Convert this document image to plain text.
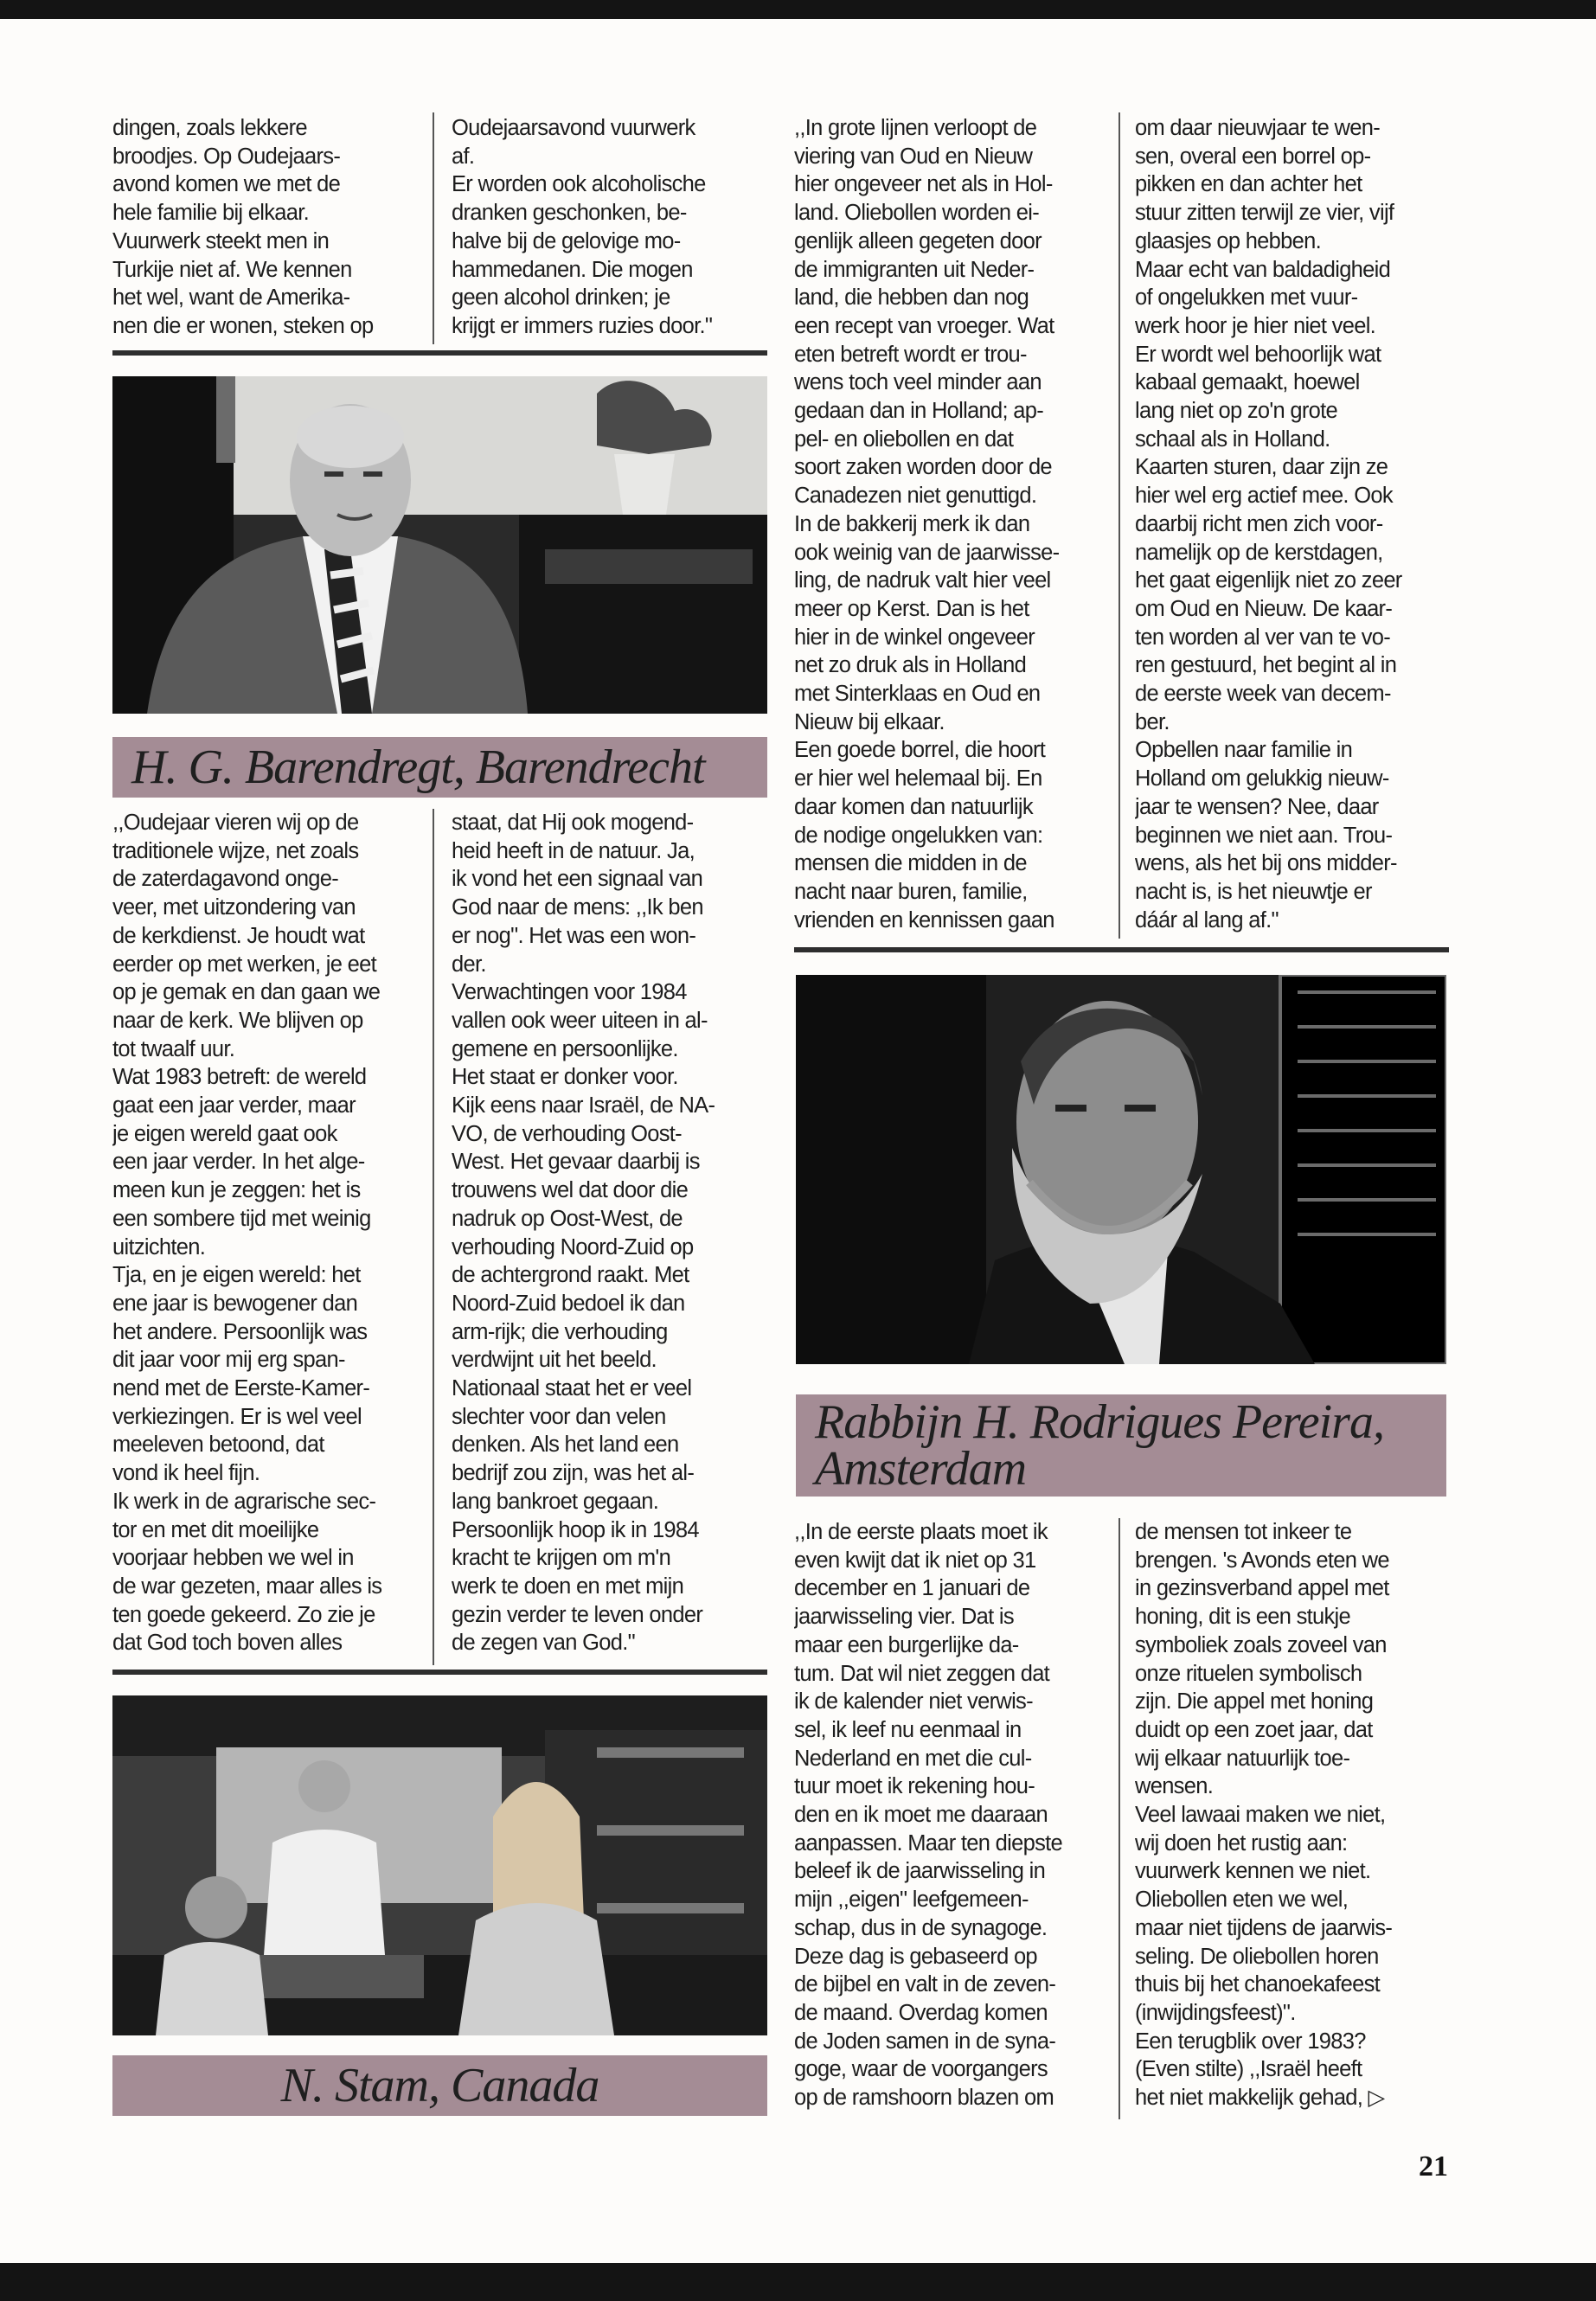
dingen, zoals lekkere
broodjes. Op Oudejaars-
avond komen we met de
hele familie bij elkaar.
Vuurwerk steekt men in
Turkije niet af. We kennen
het wel, want de Amerika-
nen die er wonen, steken op

Oudejaarsavond vuurwerk
af.
Er worden ook alcoholische
dranken geschonken, be-
halve bij de gelovige mo-
hammedanen. Die mogen
geen alcohol drinken; je
krijgt er immers ruzies door."

H. G. Barendregt, Barendrecht

,,Oudejaar vieren wij op de
traditionele wijze, net zoals
de zaterdagavond onge-
veer, met uitzondering van
de kerkdienst. Je houdt wat
eerder op met werken, je eet
op je gemak en dan gaan we
naar de kerk. We blijven op
tot twaalf uur.
Wat 1983 betreft: de wereld
gaat een jaar verder, maar
je eigen wereld gaat ook
een jaar verder. In het alge-
meen kun je zeggen: het is
een sombere tijd met weinig
uitzichten.
Tja, en je eigen wereld: het
ene jaar is bewogener dan
het andere. Persoonlijk was
dit jaar voor mij erg span-
nend met de Eerste-Kamer-
verkiezingen. Er is wel veel
meeleven betoond, dat
vond ik heel fijn.
Ik werk in de agrarische sec-
tor en met dit moeilijke
voorjaar hebben we wel in
de war gezeten, maar alles is
ten goede gekeerd. Zo zie je
dat God toch boven alles

staat, dat Hij ook mogend-
heid heeft in de natuur. Ja,
ik vond het een signaal van
God naar de mens: ,,Ik ben
er nog". Het was een won-
der.
Verwachtingen voor 1984
vallen ook weer uiteen in al-
gemene en persoonlijke.
Het staat er donker voor.
Kijk eens naar Israël, de NA-
VO, de verhouding Oost-
West. Het gevaar daarbij is
trouwens wel dat door die
nadruk op Oost-West, de
verhouding Noord-Zuid op
de achtergrond raakt. Met
Noord-Zuid bedoel ik dan
arm-rijk; die verhouding
verdwijnt uit het beeld.
Nationaal staat het er veel
slechter voor dan velen
denken. Als het land een
bedrijf zou zijn, was het al-
lang bankroet gegaan.
Persoonlijk hoop ik in 1984
kracht te krijgen om m'n
werk te doen en met mijn
gezin verder te leven onder
de zegen van God."

N. Stam, Canada

,,In grote lijnen verloopt de
viering van Oud en Nieuw
hier ongeveer net als in Hol-
land. Oliebollen worden ei-
genlijk alleen gegeten door
de immigranten uit Neder-
land, die hebben dan nog
een recept van vroeger. Wat
eten betreft wordt er trou-
wens toch veel minder aan
gedaan dan in Holland; ap-
pel- en oliebollen en dat
soort zaken worden door de
Canadezen niet genuttigd.
In de bakkerij merk ik dan
ook weinig van de jaarwisse-
ling, de nadruk valt hier veel
meer op Kerst. Dan is het
hier in de winkel ongeveer
net zo druk als in Holland
met Sinterklaas en Oud en
Nieuw bij elkaar.
Een goede borrel, die hoort
er hier wel helemaal bij. En
daar komen dan natuurlijk
de nodige ongelukken van:
mensen die midden in de
nacht naar buren, familie,
vrienden en kennissen gaan

om daar nieuwjaar te wen-
sen, overal een borrel op-
pikken en dan achter het
stuur zitten terwijl ze vier, vijf
glaasjes op hebben.
Maar echt van baldadigheid
of ongelukken met vuur-
werk hoor je hier niet veel.
Er wordt wel behoorlijk wat
kabaal gemaakt, hoewel
lang niet op zo'n grote
schaal als in Holland.
Kaarten sturen, daar zijn ze
hier wel erg actief mee. Ook
daarbij richt men zich voor-
namelijk op de kerstdagen,
het gaat eigenlijk niet zo zeer
om Oud en Nieuw. De kaar-
ten worden al ver van te vo-
ren gestuurd, het begint al in
de eerste week van decem-
ber.
Opbellen naar familie in
Holland om gelukkig nieuw-
jaar te wensen? Nee, daar
beginnen we niet aan. Trou-
wens, als het bij ons midder-
nacht is, is het nieuwtje er
dáár al lang af."

Rabbijn H. Rodrigues Pereira,
Amsterdam

,,In de eerste plaats moet ik
even kwijt dat ik niet op 31
december en 1 januari de
jaarwisseling vier. Dat is
maar een burgerlijke da-
tum. Dat wil niet zeggen dat
ik de kalender niet verwis-
sel, ik leef nu eenmaal in
Nederland en met die cul-
tuur moet ik rekening hou-
den en ik moet me daaraan
aanpassen. Maar ten diepste
beleef ik de jaarwisseling in
mijn ,,eigen" leefgemeen-
schap, dus in de synagoge.
Deze dag is gebaseerd op
de bijbel en valt in de zeven-
de maand. Overdag komen
de Joden samen in de syna-
goge, waar de voorgangers
op de ramshoorn blazen om

de mensen tot inkeer te
brengen. 's Avonds eten we
in gezinsverband appel met
honing, dit is een stukje
symboliek zoals zoveel van
onze rituelen symbolisch
zijn. Die appel met honing
duidt op een zoet jaar, dat
wij elkaar natuurlijk toe-
wensen.
Veel lawaai maken we niet,
wij doen het rustig aan:
vuurwerk kennen we niet.
Oliebollen eten we wel,
maar niet tijdens de jaarwis-
seling. De oliebollen horen
thuis bij het chanoekafeest
(inwijdingsfeest)".
Een terugblik over 1983?
(Even stilte) ,,Israël heeft
het niet makkelijk gehad, ▷

21
